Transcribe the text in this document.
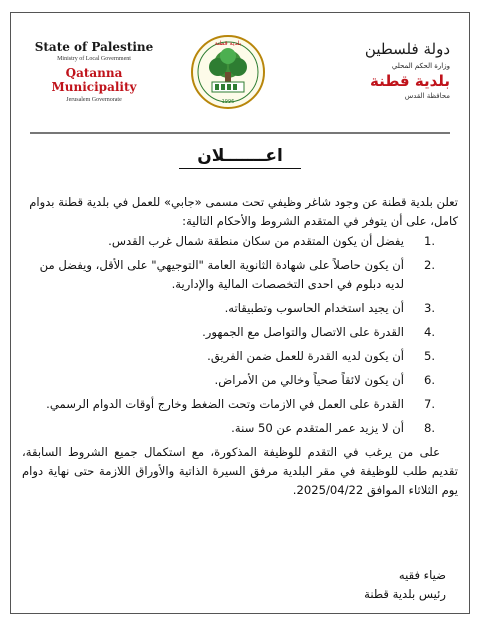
State of Palestine
Ministry of Local Government
Qatanna Municipality
Jerusalem Governorate
بلدية قطنة
1996
دولة فلسطين
وزارة الحكم المحلي
بلدية قطنة
محافظة القدس
اعـــــــلان

تعلن بلدية قطنة عن وجود شاغر وظيفي تحت مسمى «جابي» للعمل في بلدية قطنة بدوام كامل، على أن يتوفر في المتقدم الشروط والأحكام التالية:

1.
يفضل أن يكون المتقدم من سكان منطقة شمال غرب القدس.
2.
أن يكون حاصلاً على شهادة الثانوية العامة "التوجيهي" على الأقل، ويفضل من لديه دبلوم في احدى التخصصات المالية والإدارية.
3.
أن يجيد استخدام الحاسوب وتطبيقاته.
4.
القدرة على الاتصال والتواصل مع الجمهور.
5.
أن يكون لديه القدرة للعمل ضمن الفريق.
6.
أن يكون لائقاً صحياً وخالي من الأمراض.
7.
القدرة على العمل في الازمات وتحت الضغط وخارج أوقات الدوام الرسمي.
8.
أن لا يزيد عمر المتقدم عن 50 سنة.

على من يرغب في التقدم للوظيفة المذكورة، مع استكمال جميع الشروط السابقة، تقديم طلب للوظيفة في مقر البلدية مرفق السيرة الذاتية والأوراق اللازمة حتى نهاية دوام يوم الثلاثاء الموافق 2025/04/22.

ضياء فقيه
رئيس بلدية قطنة
